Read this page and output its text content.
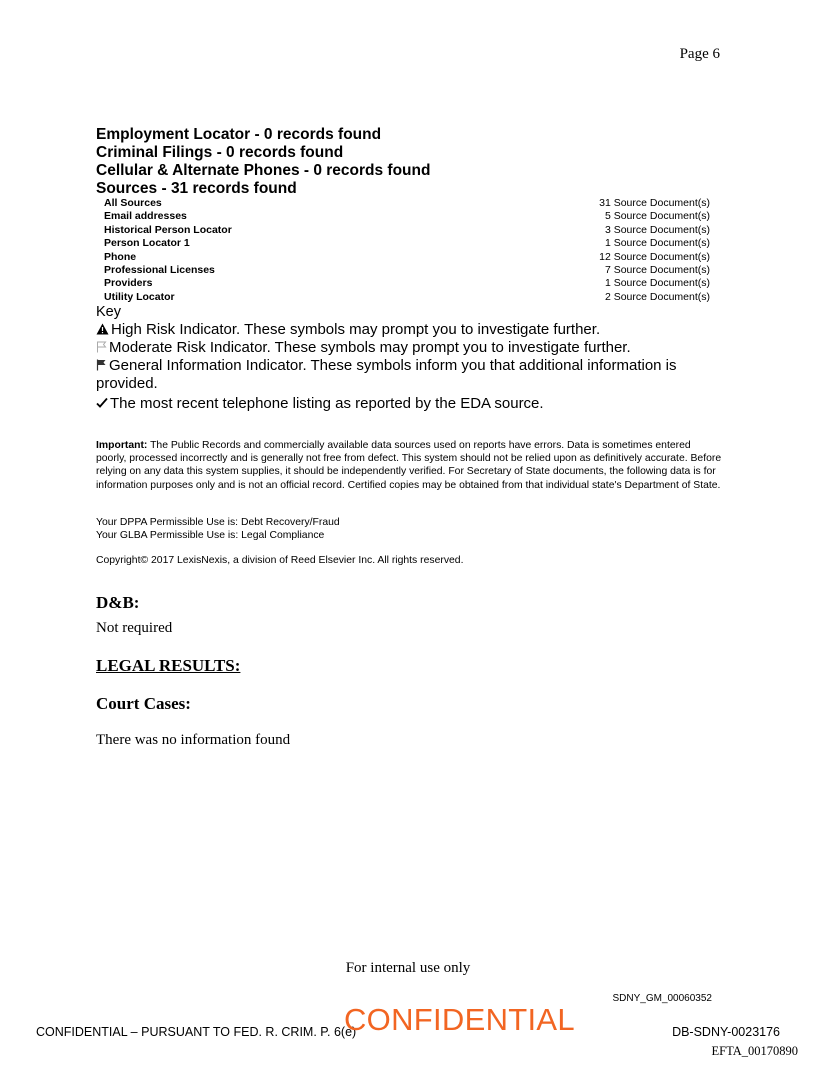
Page 6
Employment Locator - 0 records found
Criminal Filings - 0 records found
Cellular & Alternate Phones - 0 records found
Sources - 31 records found
All Sources	31 Source Document(s)
Email addresses	5 Source Document(s)
Historical Person Locator	3 Source Document(s)
Person Locator 1	1 Source Document(s)
Phone	12 Source Document(s)
Professional Licenses	7 Source Document(s)
Providers	1 Source Document(s)
Utility Locator	2 Source Document(s)
Key
High Risk Indicator. These symbols may prompt you to investigate further.
Moderate Risk Indicator. These symbols may prompt you to investigate further.
General Information Indicator. These symbols inform you that additional information is provided.
The most recent telephone listing as reported by the EDA source.
Important: The Public Records and commercially available data sources used on reports have errors. Data is sometimes entered poorly, processed incorrectly and is generally not free from defect. This system should not be relied upon as definitively accurate. Before relying on any data this system supplies, it should be independently verified. For Secretary of State documents, the following data is for information purposes only and is not an official record. Certified copies may be obtained from that individual state's Department of State.
Your DPPA Permissible Use is: Debt Recovery/Fraud
Your GLBA Permissible Use is: Legal Compliance
Copyright© 2017 LexisNexis, a division of Reed Elsevier Inc. All rights reserved.
D&B:
Not required
LEGAL RESULTS:
Court Cases:
There was no information found
For internal use only
SDNY_GM_00060352
CONFIDENTIAL – PURSUANT TO FED. R. CRIM. P. 6(e)
CONFIDENTIAL	DB-SDNY-0023176
EFTA_00170890
